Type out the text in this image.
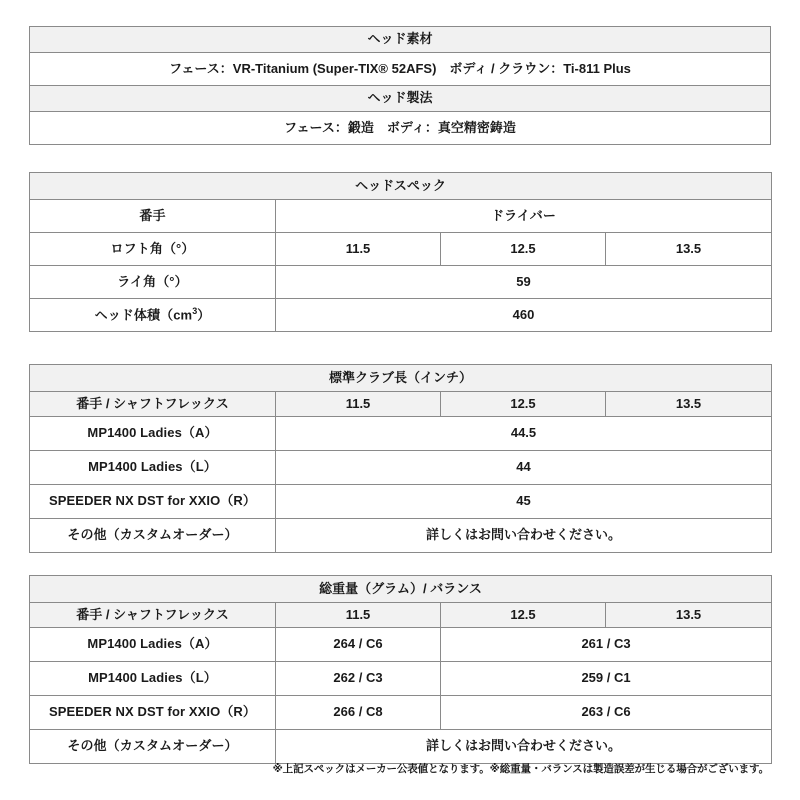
ヘッド素材
フェース：VR-Titanium (Super-TIX® 52AFS)　ボディ / クラウン：Ti-811 Plus
ヘッド製法
フェース：鍛造　ボディ：真空精密鋳造
ヘッドスペック			
番手	ドライバー		
ロフト角（°）	11.5	12.5	13.5
ライ角（°）	59		
ヘッド体積$(cm^3)$	460		
標準クラブ長（インチ）			
番手 / シャフトフレックス	11.5	12.5	13.5
MP1400 Ladies（A）	44.5		
MP1400 Ladies（L）	44		
SPEEDER NX DST for XXIO（R）	45		
その他（カスタムオーダー）	詳しくはお問い合わせください。		
総重量（グラム）/ バランス			
番手 / シャフトフレックス	11.5	12.5	13.5
MP1400 Ladies（A）	264 / C6	261 / C3	
MP1400 Ladies（L）	262 / C3	259 / C1	
SPEEDER NX DST for XXIO（R）	266 / C8	263 / C6	
その他（カスタムオーダー）	詳しくはお問い合わせください。		
※上記スペックはメーカー公表値となります。※総重量・バランスは製造誤差が生じる場合がございます。
